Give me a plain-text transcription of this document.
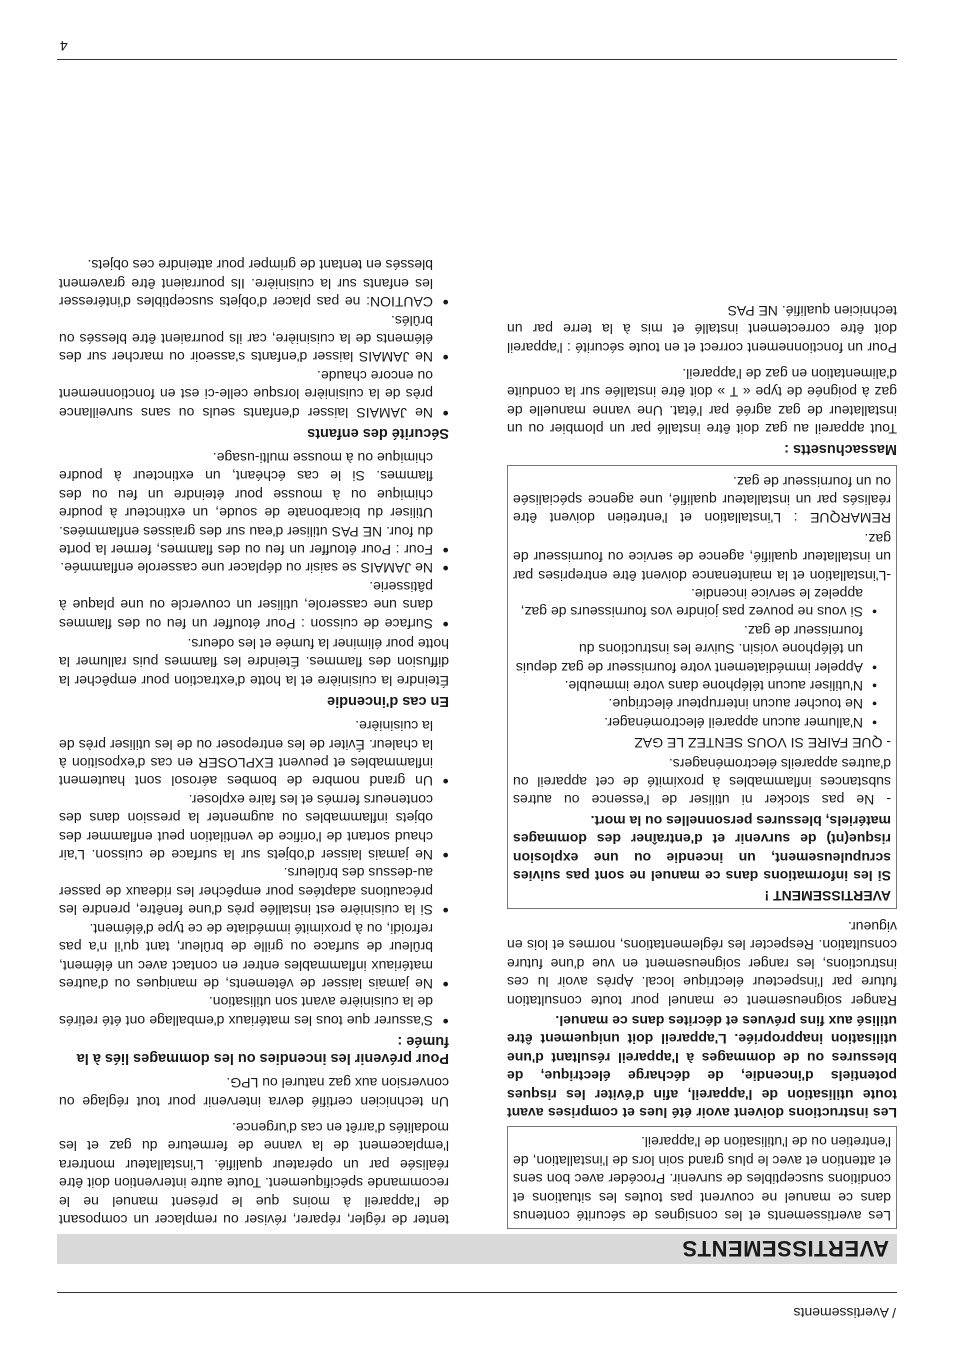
/ Avertissements
AVERTISSEMENTS

Les avertissements et les consignes de sécurité contenus dans ce manuel ne couvrent pas toutes les situations et conditions susceptibles de survenir. Procéder avec bon sens et attention et avec le plus grand soin lors de l'installation, de l'entretien ou de l'utilisation de l'appareil.

Les instructions doivent avoir été lues et comprises avant toute utilisation de l'appareil, afin d'éviter les risques potentiels d'incendie, de décharge électrique, de blessures ou de dommages à l'appareil résultant d'une utilisation inappropriée. L'appareil doit uniquement être utilisé aux fins prévues et décrites dans ce manuel.

Ranger soigneusement ce manuel pour toute consultation future par l'inspecteur électrique local. Après avoir lu ces instructions, les ranger soigneusement en vue d'une future consultation. Respecter les réglementations, normes et lois en vigueur.

AVERTISSEMENT !

Si les informations dans ce manuel ne sont pas suivies scrupuleusement, un incendie ou une explosion risque(nt) de survenir et d'entraîner des dommages matériels, blessures personnelles ou la mort.

- Ne pas stocker ni utiliser de l'essence ou autres substances inflammables à proximité de cet appareil ou d'autres appareils électroménagers.

- QUE FAIRE SI VOUS SENTEZ LE GAZ

• N'allumer aucun appareil électroménager.
• Ne toucher aucun interrupteur électrique.
• N'utiliser aucun téléphone dans votre immeuble.
• Appeler immédiatement votre fournisseur de gaz depuis un téléphone voisin. Suivre les instructions du fournisseur de gaz.
• Si vous ne pouvez pas joindre vos fournisseurs de gaz, appelez le service incendie.

-L'installation et la maintenance doivent être entreprises par un installateur qualifié, agence de service ou fournisseur de gaz.

REMARQUE : L'installation et l'entretien doivent être réalisés par un installateur qualifié, une agence spécialisée ou un fournisseur de gaz.

Massachusetts :

Tout appareil au gaz doit être installé par un plombier ou un installateur de gaz agréé par l'état. Une vanne manuelle de gaz à poignée de type « T » doit être installée sur la conduite d'alimentation en gaz de l'appareil.

Pour un fonctionnement correct et en toute sécurité : l'appareil doit être correctement installé et mis à la terre par un technicien qualifié. NE PAS

tenter de régler, réparer, réviser ou remplacer un composant de l'appareil à moins que le présent manuel ne le recommande spécifiquement. Toute autre intervention doit être réalisée par un opérateur qualifié. L'installateur montrera l'emplacement de la vanne de fermeture du gaz et les modalités d'arrêt en cas d'urgence.

Un technicien certifié devra intervenir pour tout réglage ou conversion aux gaz naturel ou LPG.

Pour prévenir les incendies ou les dommages liés à la fumée :
● S'assurer que tous les matériaux d'emballage ont été retirés de la cuisinière avant son utilisation.
● Ne jamais laisser de vêtements, de maniques ou d'autres matériaux inflammables entrer en contact avec un élément, brûleur de surface ou grille de brûleur, tant qu'il n'a pas refroidi, ou à proximité immédiate de ce type d'élément.
● Si la cuisinière est installée près d'une fenêtre, prendre les précautions adaptées pour empêcher les rideaux de passer au-dessus des brûleurs.
● Ne jamais laisser d'objets sur la surface de cuisson. L'air chaud sortant de l'orifice de ventilation peut enflammer des objets inflammables ou augmenter la pression dans des conteneurs fermés et les faire exploser.
● Un grand nombre de bombes aérosol sont hautement inflammables et peuvent EXPLOSER en cas d'exposition à la chaleur. Éviter de les entreposer ou de les utiliser près de la cuisinière.
En cas d'incendie

Éteindre la cuisinière et la hotte d'extraction pour empêcher la diffusion des flammes. Éteindre les flammes puis rallumer la hotte pour éliminer la fumée et les odeurs.

● Surface de cuisson : Pour étouffer un feu ou des flammes dans une casserole, utiliser un couvercle ou une plaque à pâtisserie.
● Ne JAMAIS se saisir ou déplacer une casserole enflammée.
● Four : Pour étouffer un feu ou des flammes, fermer la porte du four. NE PAS utiliser d'eau sur des graisses enflammées. Utiliser du bicarbonate de soude, un extincteur à poudre chimique ou à mousse pour éteindre un feu ou des flammes. Si le cas échéant, un extincteur à poudre chimique ou à mousse multi-usage.
Sécurité des enfants
● Ne JAMAIS laisser d'enfants seuls ou sans surveillance près de la cuisinière lorsque celle-ci est en fonctionnement ou encore chaude.
● Ne JAMAIS laisser d'enfants s'asseoir ou marcher sur des éléments de la cuisinière, car ils pourraient être blessés ou brûlés.
● CAUTION: ne pas placer d'objets susceptibles d'intéresser les enfants sur la cuisinière. Ils pourraient être gravement blessés en tentant de grimper pour atteindre ces objets.
4
